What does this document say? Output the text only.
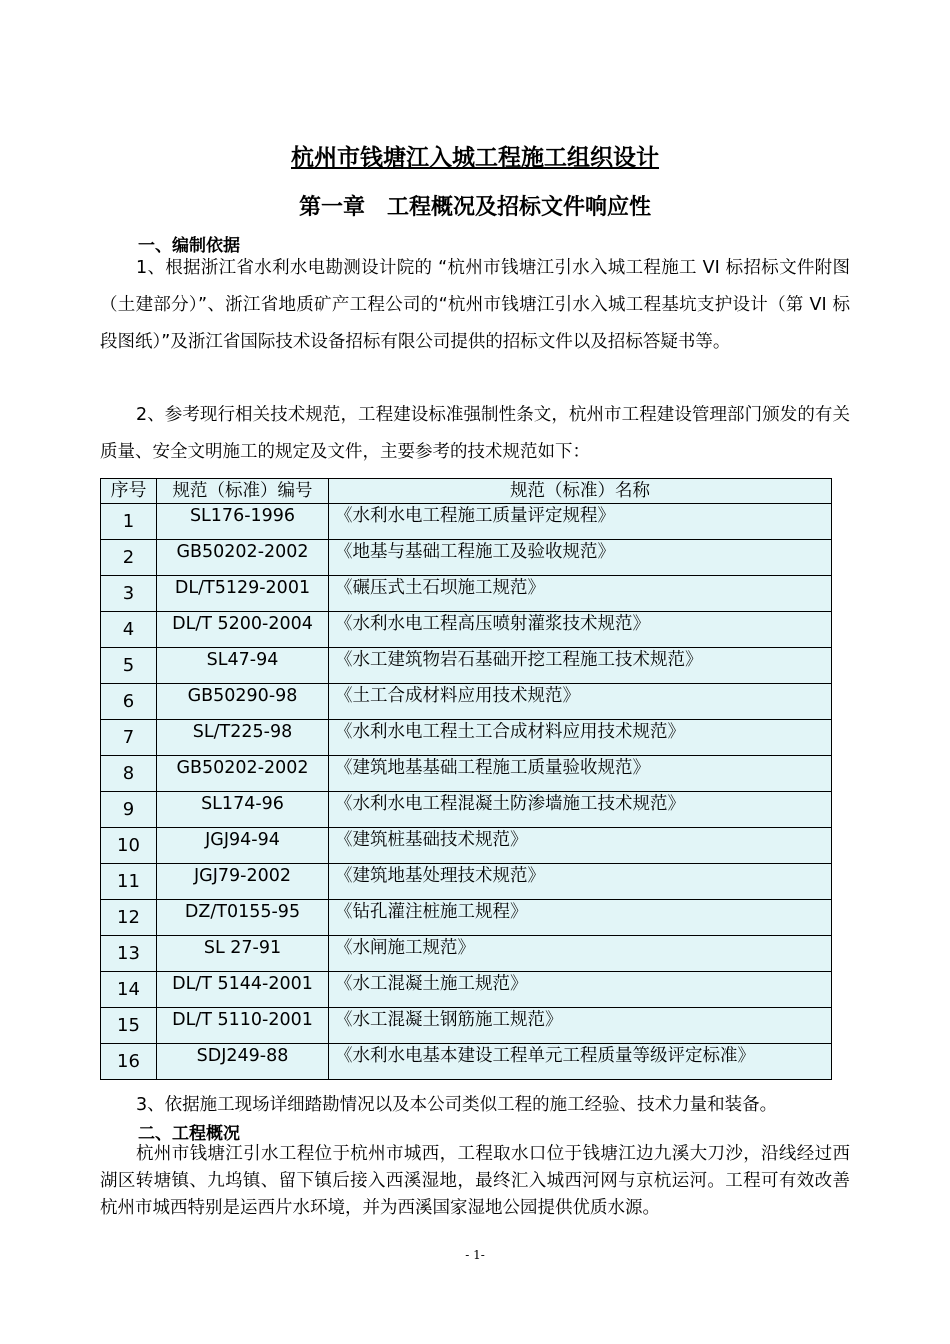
杭州市钱塘江入城工程施工组织设计
第一章　工程概况及招标文件响应性
一、编制依据

1、根据浙江省水利水电勘测设计院的 “杭州市钱塘江引水入城工程施工 VI 标招标文件附图（土建部分）”、浙江省地质矿产工程公司的“杭州市钱塘江引水入城工程基坑支护设计（第 VI 标段图纸）”及浙江省国际技术设备招标有限公司提供的招标文件以及招标答疑书等。

2、参考现行相关技术规范，工程建设标准强制性条文，杭州市工程建设管理部门颁发的有关质量、安全文明施工的规定及文件，主要参考的技术规范如下：

序号	规范（标准）编号	规范（标准）名称
1	SL176-1996	《水利水电工程施工质量评定规程》
2	GB50202-2002	《地基与基础工程施工及验收规范》
3	DL/T5129-2001	《碾压式土石坝施工规范》
4	DL/T 5200-2004	《水利水电工程高压喷射灌浆技术规范》
5	SL47-94	《水工建筑物岩石基础开挖工程施工技术规范》
6	GB50290-98	《土工合成材料应用技术规范》
7	SL/T225-98	《水利水电工程土工合成材料应用技术规范》
8	GB50202-2002	《建筑地基基础工程施工质量验收规范》
9	SL174-96	《水利水电工程混凝土防渗墙施工技术规范》
10	JGJ94-94	《建筑桩基础技术规范》
11	JGJ79-2002	《建筑地基处理技术规范》
12	DZ/T0155-95	《钻孔灌注桩施工规程》
13	SL 27-91	《水闸施工规范》
14	DL/T 5144-2001	《水工混凝土施工规范》
15	DL/T 5110-2001	《水工混凝土钢筋施工规范》
16	SDJ249-88	《水利水电基本建设工程单元工程质量等级评定标准》

3、依据施工现场详细踏勘情况以及本公司类似工程的施工经验、技术力量和装备。

二、工程概况

杭州市钱塘江引水工程位于杭州市城西，工程取水口位于钱塘江边九溪大刀沙，沿线经过西湖区转塘镇、九坞镇、留下镇后接入西溪湿地，最终汇入城西河网与京杭运河。工程可有效改善杭州市城西特别是运西片水环境，并为西溪国家湿地公园提供优质水源。

- 1-
